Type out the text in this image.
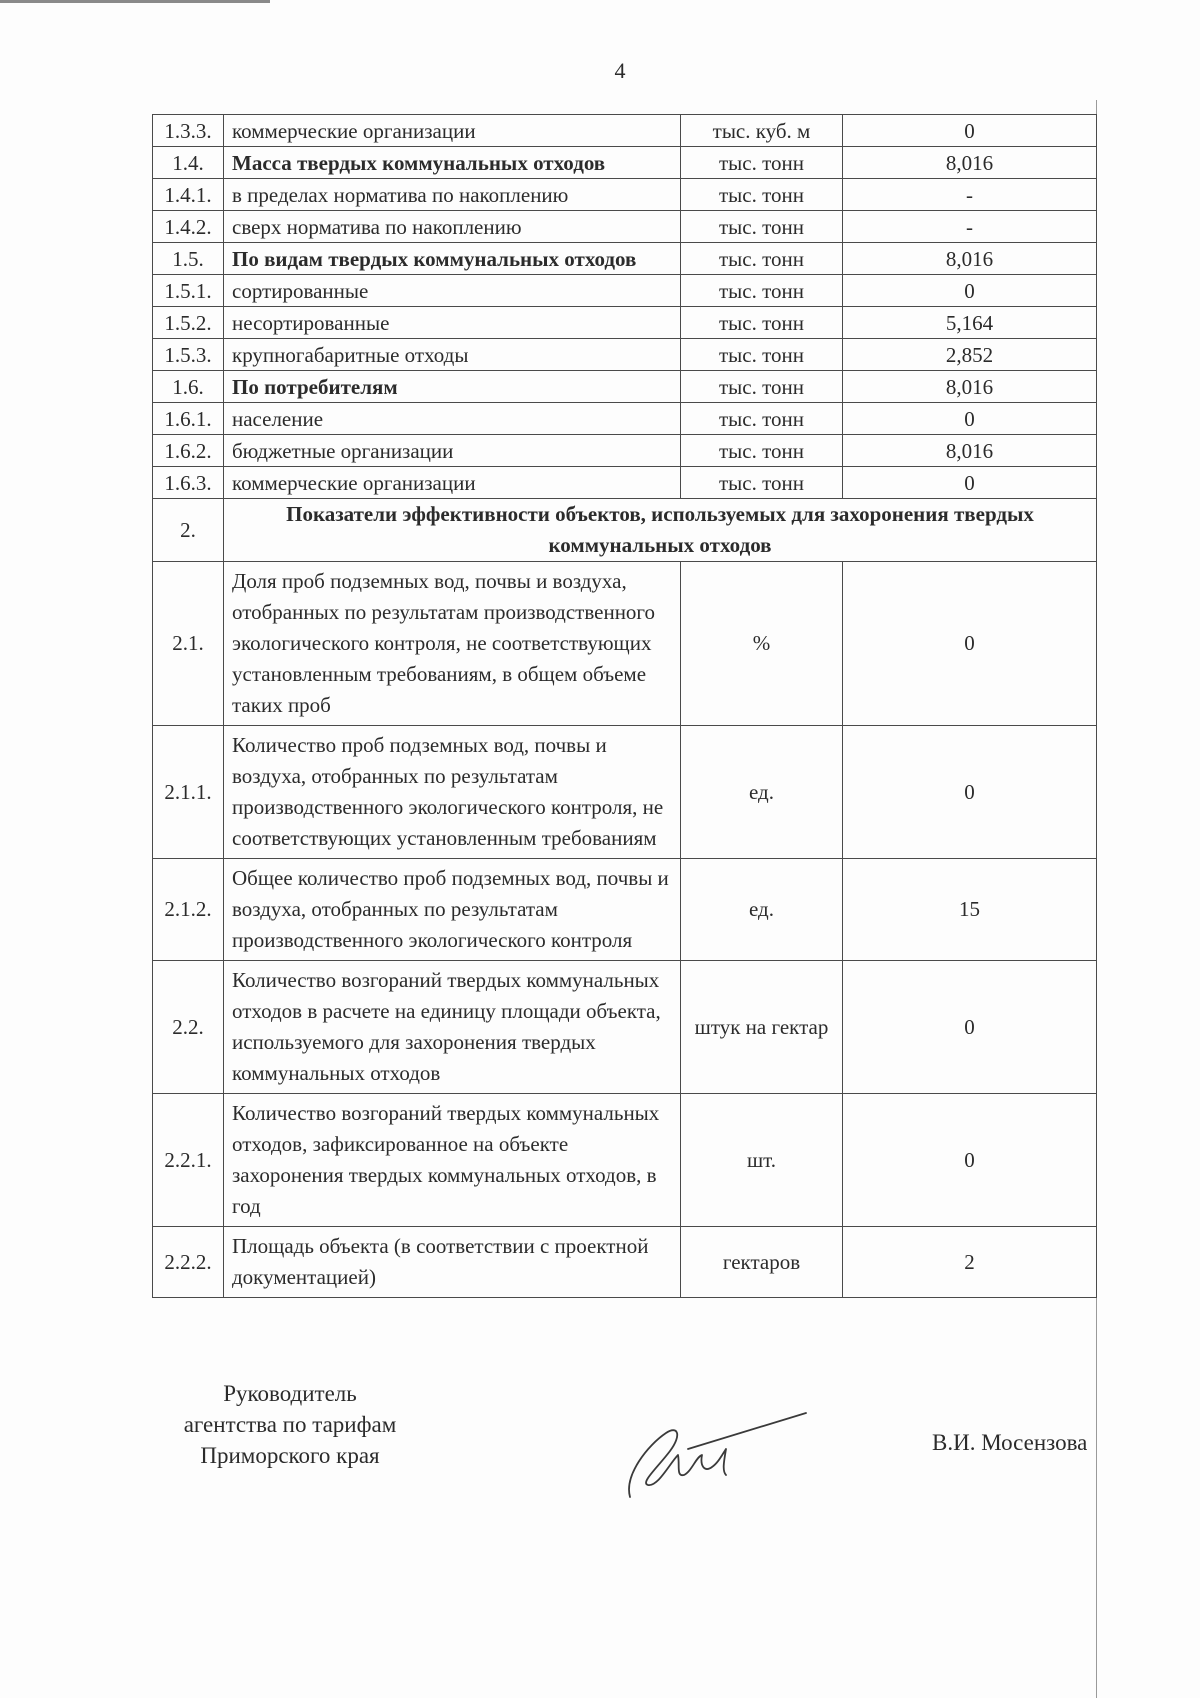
4
1.3.3.	коммерческие организации	тыс. куб. м	0
1.4.	Масса твердых коммунальных отходов	тыс. тонн	8,016
1.4.1.	в пределах норматива по накоплению	тыс. тонн	-
1.4.2.	сверх норматива по накоплению	тыс. тонн	-
1.5.	По видам твердых коммунальных отходов	тыс. тонн	8,016
1.5.1.	сортированные	тыс. тонн	0
1.5.2.	несортированные	тыс. тонн	5,164
1.5.3.	крупногабаритные отходы	тыс. тонн	2,852
1.6.	По потребителям	тыс. тонн	8,016
1.6.1.	население	тыс. тонн	0
1.6.2.	бюджетные организации	тыс. тонн	8,016
1.6.3.	коммерческие организации	тыс. тонн	0
2.	Показатели эффективности объектов, используемых для захоронения твердых коммунальных отходов		
2.1.	Доля проб подземных вод, почвы и воздуха, отобранных по результатам производственного экологического контроля, не соответствующих установленным требованиям, в общем объеме таких проб	%	0
2.1.1.	Количество проб подземных вод, почвы и воздуха, отобранных по результатам производственного экологического контроля, не соответствующих установленным требованиям	ед.	0
2.1.2.	Общее количество проб подземных вод, почвы и воздуха, отобранных по результатам производственного экологического контроля	ед.	15
2.2.	Количество возгораний твердых коммунальных отходов в расчете на единицу площади объекта, используемого для захоронения твердых коммунальных отходов	штук на гектар	0
2.2.1.	Количество возгораний твердых коммунальных отходов, зафиксированное на объекте захоронения твердых коммунальных отходов, в год	шт.	0
2.2.2.	Площадь объекта (в соответствии с проектной документацией)	гектаров	2
Руководитель
агентства по тарифам
Приморского края
В.И. Мосензова
